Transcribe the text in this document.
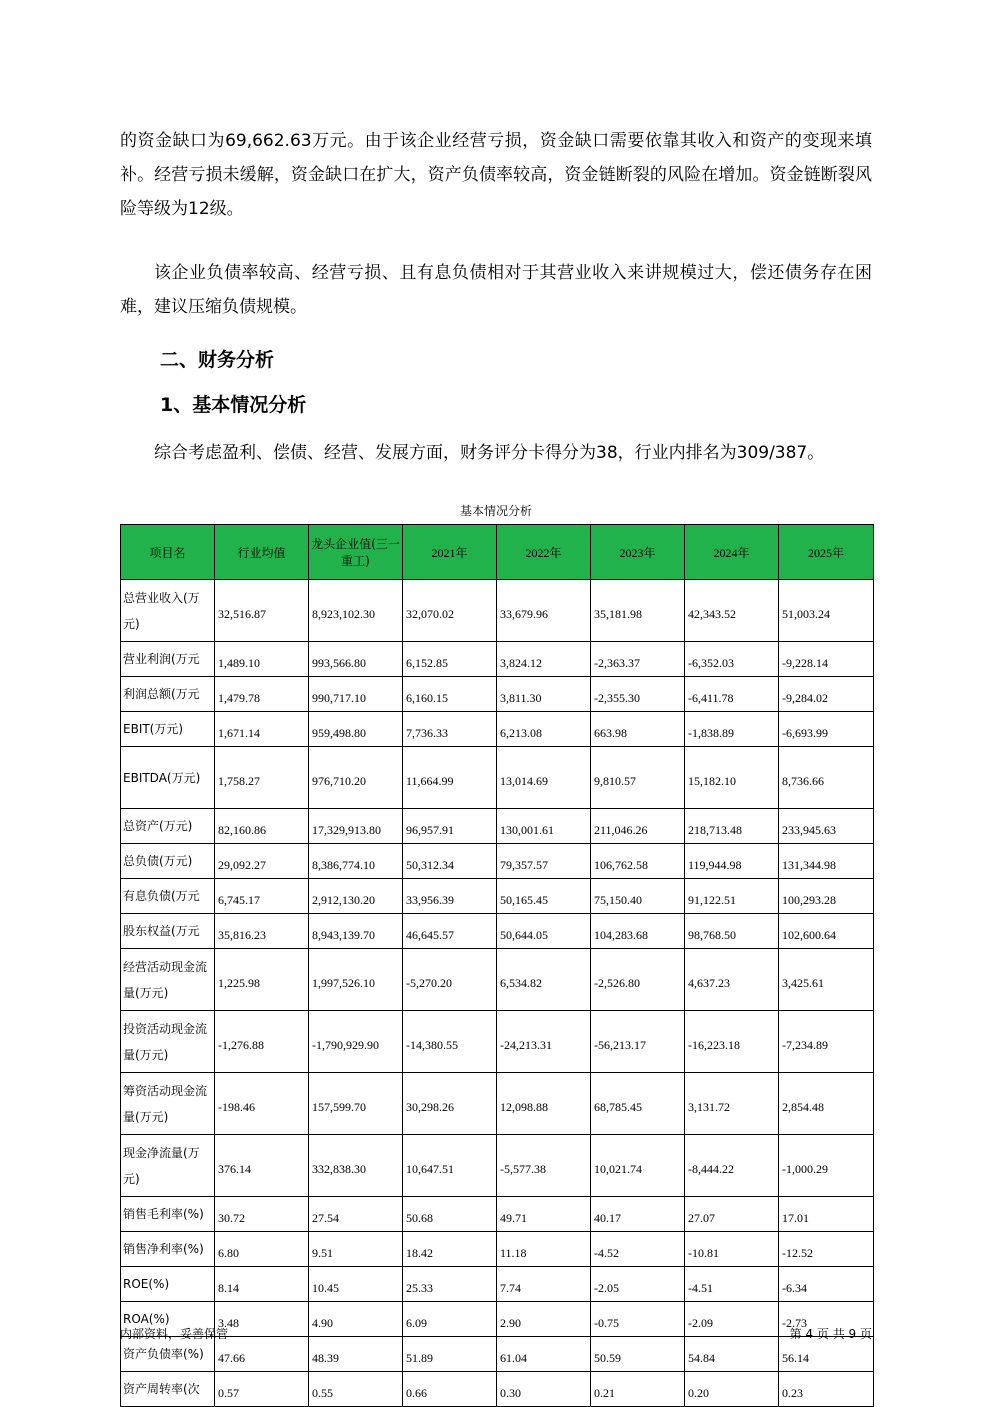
的资金缺口为69,662.63万元。由于该企业经营亏损，资金缺口需要依靠其收入和资产的变现来填补。经营亏损未缓解，资金缺口在扩大，资产负债率较高，资金链断裂的风险在增加。资金链断裂风险等级为12级。

该企业负债率较高、经营亏损、且有息负债相对于其营业收入来讲规模过大，偿还债务存在困难，建议压缩负债规模。

二、财务分析

1、基本情况分析

综合考虑盈利、偿债、经营、发展方面，财务评分卡得分为38，行业内排名为309/387。

基本情况分析
项目名	行业均值	龙头企业值(三一重工)	2021年	2022年	2023年	2024年	2025年
总营业收入(万元)	32,516.87	8,923,102.30	32,070.02	33,679.96	35,181.98	42,343.52	51,003.24
营业利润(万元	1,489.10	993,566.80	6,152.85	3,824.12	-2,363.37	-6,352.03	-9,228.14
利润总额(万元	1,479.78	990,717.10	6,160.15	3,811.30	-2,355.30	-6,411.78	-9,284.02
EBIT(万元)	1,671.14	959,498.80	7,736.33	6,213.08	663.98	-1,838.89	-6,693.99
EBITDA(万元)	1,758.27	976,710.20	11,664.99	13,014.69	9,810.57	15,182.10	8,736.66
总资产(万元)	82,160.86	17,329,913.80	96,957.91	130,001.61	211,046.26	218,713.48	233,945.63
总负债(万元)	29,092.27	8,386,774.10	50,312.34	79,357.57	106,762.58	119,944.98	131,344.98
有息负债(万元	6,745.17	2,912,130.20	33,956.39	50,165.45	75,150.40	91,122.51	100,293.28
股东权益(万元	35,816.23	8,943,139.70	46,645.57	50,644.05	104,283.68	98,768.50	102,600.64
经营活动现金流量(万元)	1,225.98	1,997,526.10	-5,270.20	6,534.82	-2,526.80	4,637.23	3,425.61
投资活动现金流量(万元)	-1,276.88	-1,790,929.90	-14,380.55	-24,213.31	-56,213.17	-16,223.18	-7,234.89
筹资活动现金流量(万元)	-198.46	157,599.70	30,298.26	12,098.88	68,785.45	3,131.72	2,854.48
现金净流量(万元)	376.14	332,838.30	10,647.51	-5,577.38	10,021.74	-8,444.22	-1,000.29
销售毛利率(%)	30.72	27.54	50.68	49.71	40.17	27.07	17.01
销售净利率(%)	6.80	9.51	18.42	11.18	-4.52	-10.81	-12.52
ROE(%)	8.14	10.45	25.33	7.74	-2.05	-4.51	-6.34
ROA(%)	3.48	4.90	6.09	2.90	-0.75	-2.09	-2.73
资产负债率(%)	47.66	48.39	51.89	61.04	50.59	54.84	56.14
资产周转率(次	0.57	0.55	0.66	0.30	0.21	0.20	0.23
内部资料，妥善保管	第 4 页 共 9 页
